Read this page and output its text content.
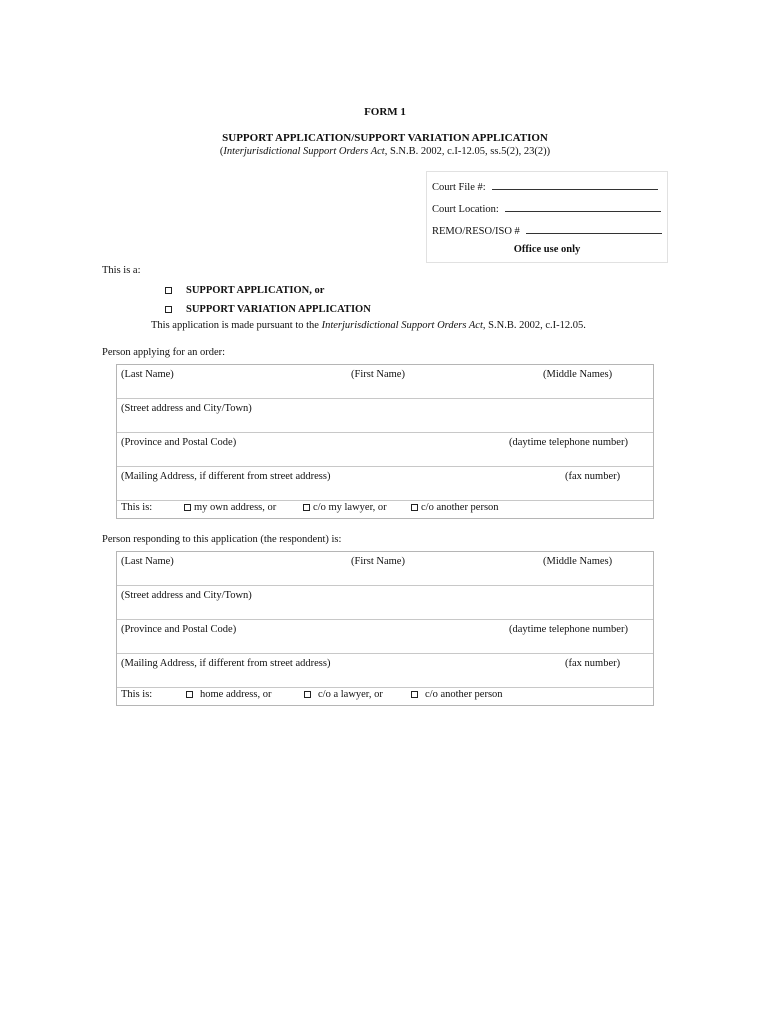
FORM 1
SUPPORT APPLICATION/SUPPORT VARIATION APPLICATION
(Interjurisdictional Support Orders Act, S.N.B. 2002, c.I-12.05, ss.5(2), 23(2))
Court File #:
Court Location:
REMO/RESO/ISO #
Office use only
This is a:
SUPPORT APPLICATION, or
SUPPORT VARIATION APPLICATION
This application is made pursuant to the Interjurisdictional Support Orders Act, S.N.B. 2002, c.I-12.05.
Person applying for an order:
(Last Name)	(First Name)	(Middle Names)
(Street address and City/Town)
(Province and Postal Code)	(daytime telephone number)
(Mailing Address, if different from street address)	(fax number)
This is:	my own address, or	c/o my lawyer, or	c/o another person
Person responding to this application (the respondent) is:
(Last Name)	(First Name)	(Middle Names)
(Street address and City/Town)
(Province and Postal Code)	(daytime telephone number)
(Mailing Address, if different from street address)	(fax number)
This is:	home address, or	c/o a lawyer, or	c/o another person
